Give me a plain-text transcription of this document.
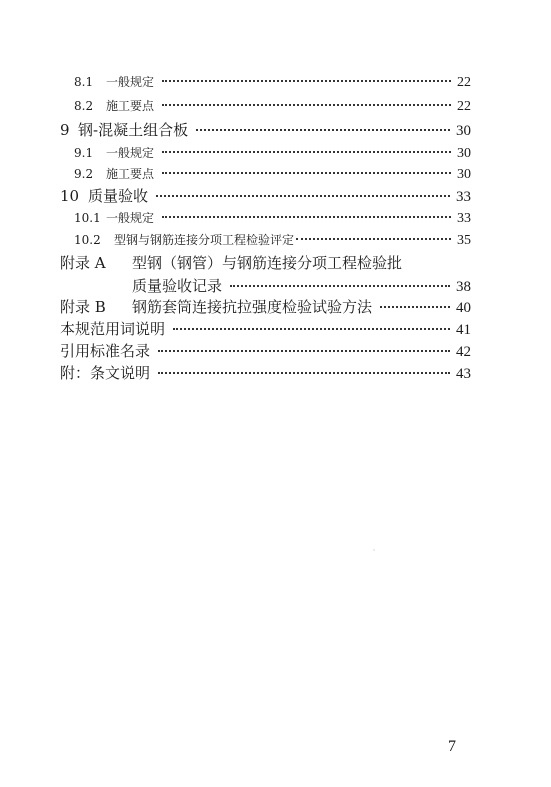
8.1	一般规定	22
8.2	施工要点	22
9 钢-混凝土组合板	30
9.1	一般规定	30
9.2	施工要点	30
10 质量验收	33
10.1 一般规定	33
10.2	型钢与钢筋连接分项工程检验评定	35
附录 A 型钢（钢管）与钢筋连接分项工程检验批
质量验收记录	38
附录 B	钢筋套筒连接抗拉强度检验试验方法	40
本规范用词说明	41
引用标准名录	42
附：条文说明	43
7
